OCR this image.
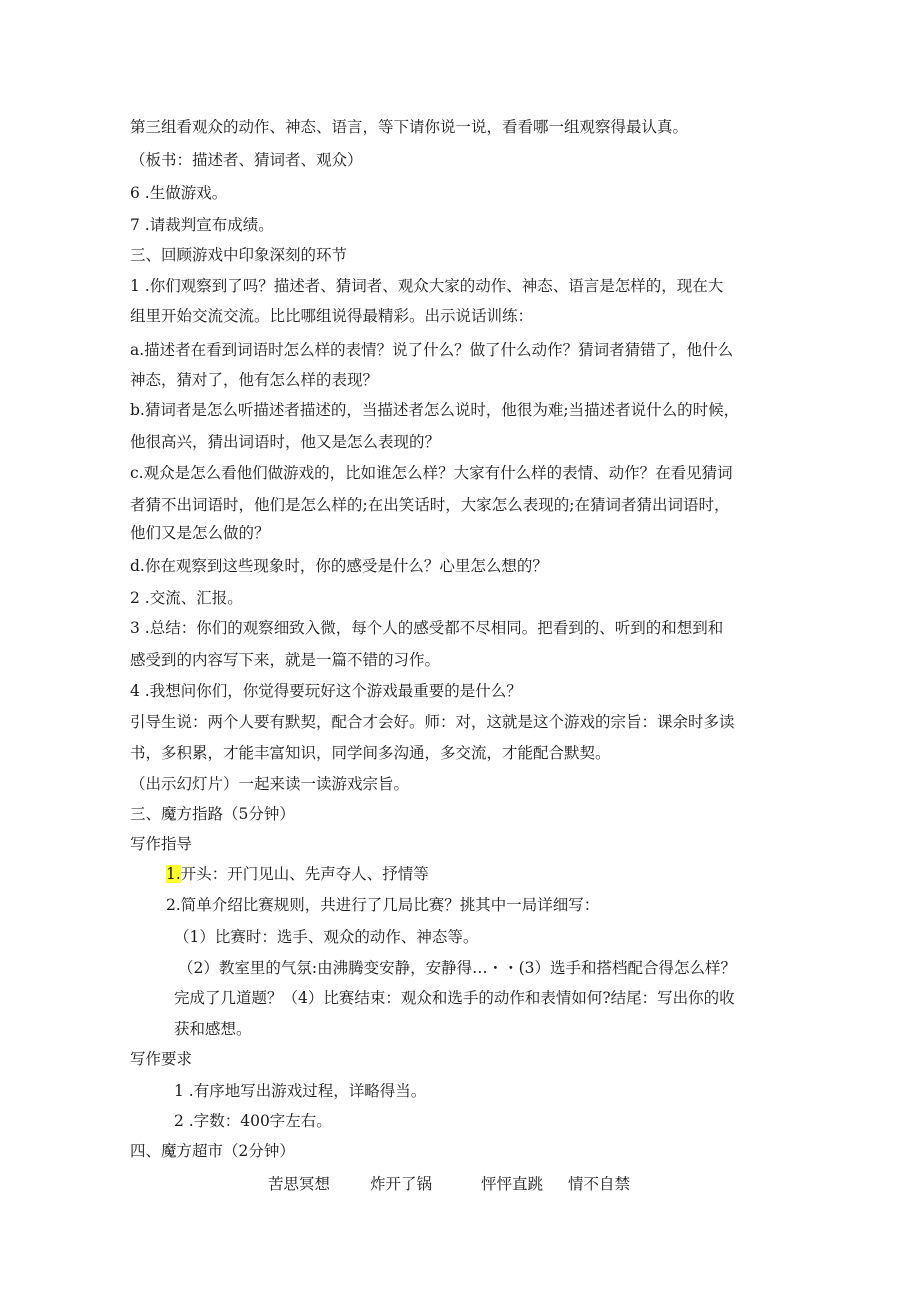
第三组看观众的动作、神态、语言，等下请你说一说，看看哪一组观察得最认真。
（板书：描述者、猜词者、观众）
6 .生做游戏。
7 .请裁判宣布成绩。
三、回顾游戏中印象深刻的环节
1 .你们观察到了吗？描述者、猜词者、观众大家的动作、神态、语言是怎样的，现在大
组里开始交流交流。比比哪组说得最精彩。出示说话训练：
a.描述者在看到词语时怎么样的表情？说了什么？做了什么动作？猜词者猜错了，他什么
神态，猜对了，他有怎么样的表现？
b.猜词者是怎么听描述者描述的，当描述者怎么说时，他很为难;当描述者说什么的时候，
他很高兴，猜出词语时，他又是怎么表现的？
c.观众是怎么看他们做游戏的，比如谁怎么样？大家有什么样的表情、动作？在看见猜词
者猜不出词语时，他们是怎么样的;在出笑话时，大家怎么表现的;在猜词者猜出词语时，
他们又是怎么做的？
d.你在观察到这些现象时，你的感受是什么？心里怎么想的？
2 .交流、汇报。
3 .总结：你们的观察细致入微，每个人的感受都不尽相同。把看到的、听到的和想到和
感受到的内容写下来，就是一篇不错的习作。
4 .我想问你们，你觉得要玩好这个游戏最重要的是什么？
引导生说：两个人要有默契，配合才会好。师：对，这就是这个游戏的宗旨：课余时多读
书，多积累，才能丰富知识，同学间多沟通，多交流，才能配合默契。
（出示幻灯片）一起来读一读游戏宗旨。
三、魔方指路（5分钟）
写作指导
1.开头：开门见山、先声夺人、抒情等
2.简单介绍比赛规则，共进行了几局比赛？挑其中一局详细写：
（1）比赛时：选手、观众的动作、神态等。
（2）教室里的气氛:由沸腾变安静，安静得…・・(3）选手和搭档配合得怎么样？
完成了几道题？（4）比赛结束：观众和选手的动作和表情如何?结尾：写出你的收
获和感想。
写作要求
1 .有序地写出游戏过程，详略得当。
2 .字数：400字左右。
四、魔方超市（2分钟）
苦思冥想	炸开了锅	怦怦直跳 情不自禁
